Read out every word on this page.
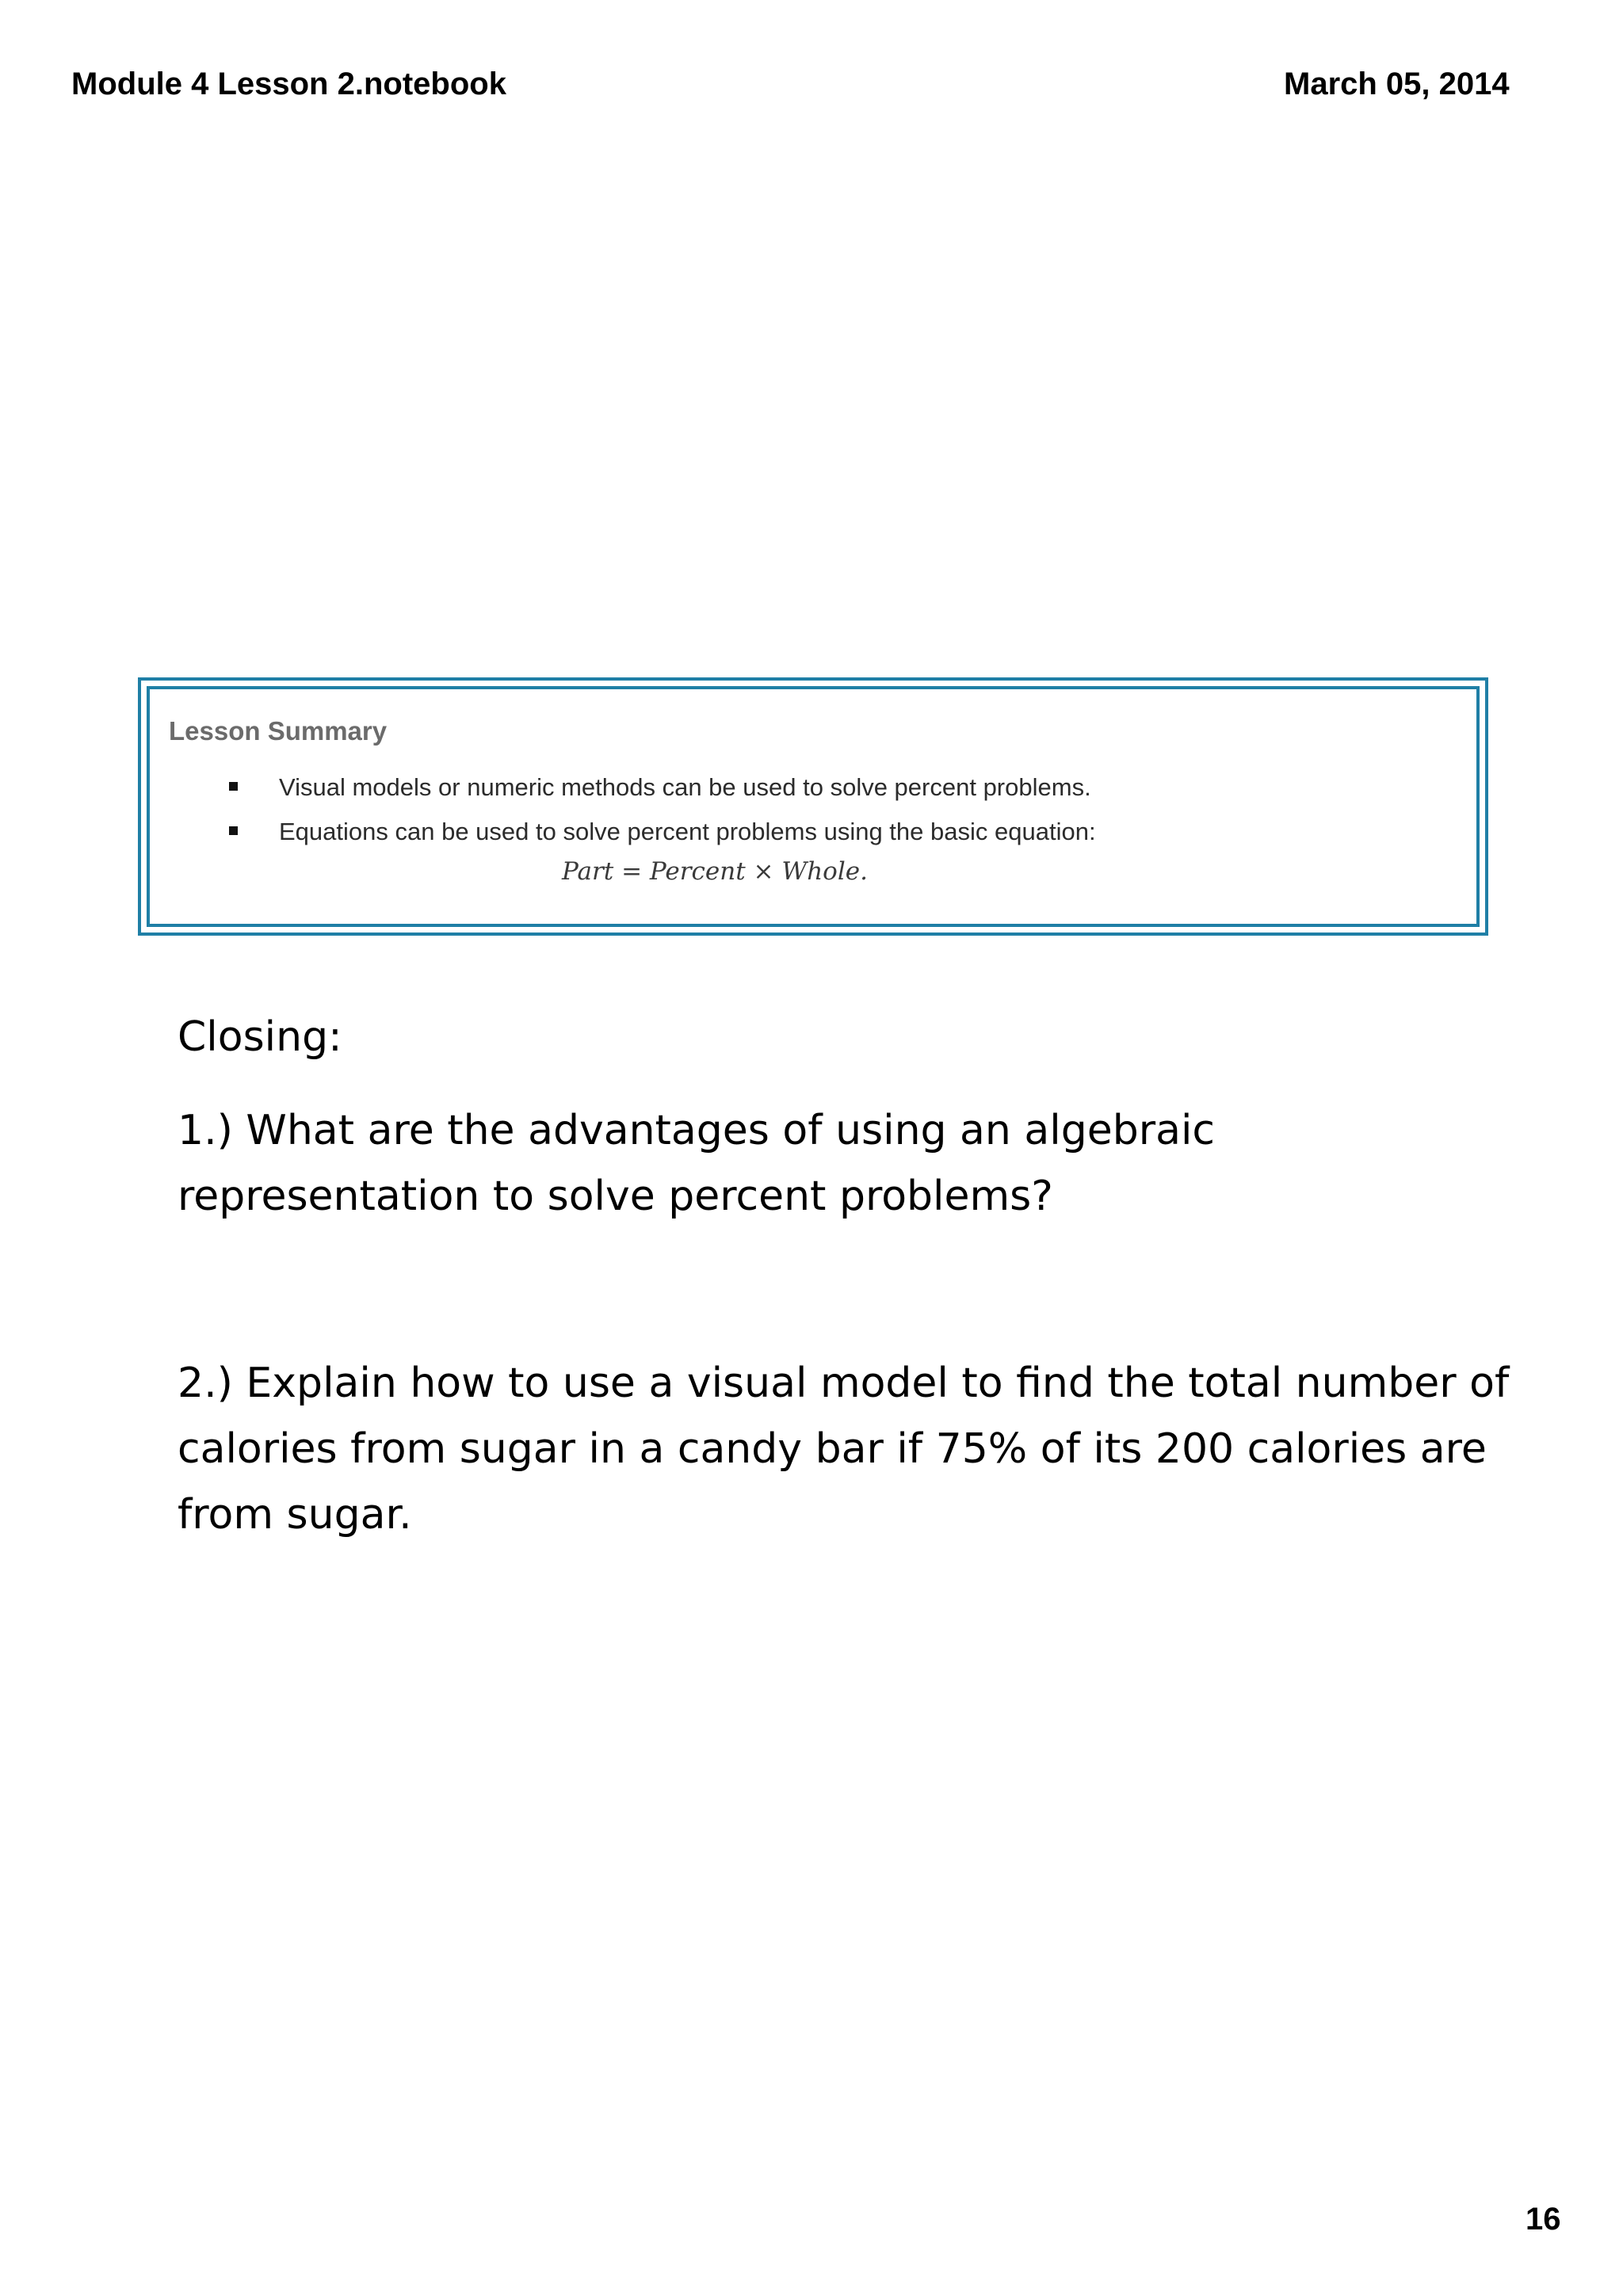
Module 4 Lesson 2.notebook	March 05, 2014
Lesson Summary
Visual models or numeric methods can be used to solve percent problems.
Equations can be used to solve percent problems using the basic equation:
Part = Percent × Whole.
Closing:
1.) What are the advantages of using an algebraic
representation to solve percent problems?
2.) Explain how to use a visual model to find the total number of
calories from sugar in a candy bar if 75% of its 200 calories are
from sugar.
16
